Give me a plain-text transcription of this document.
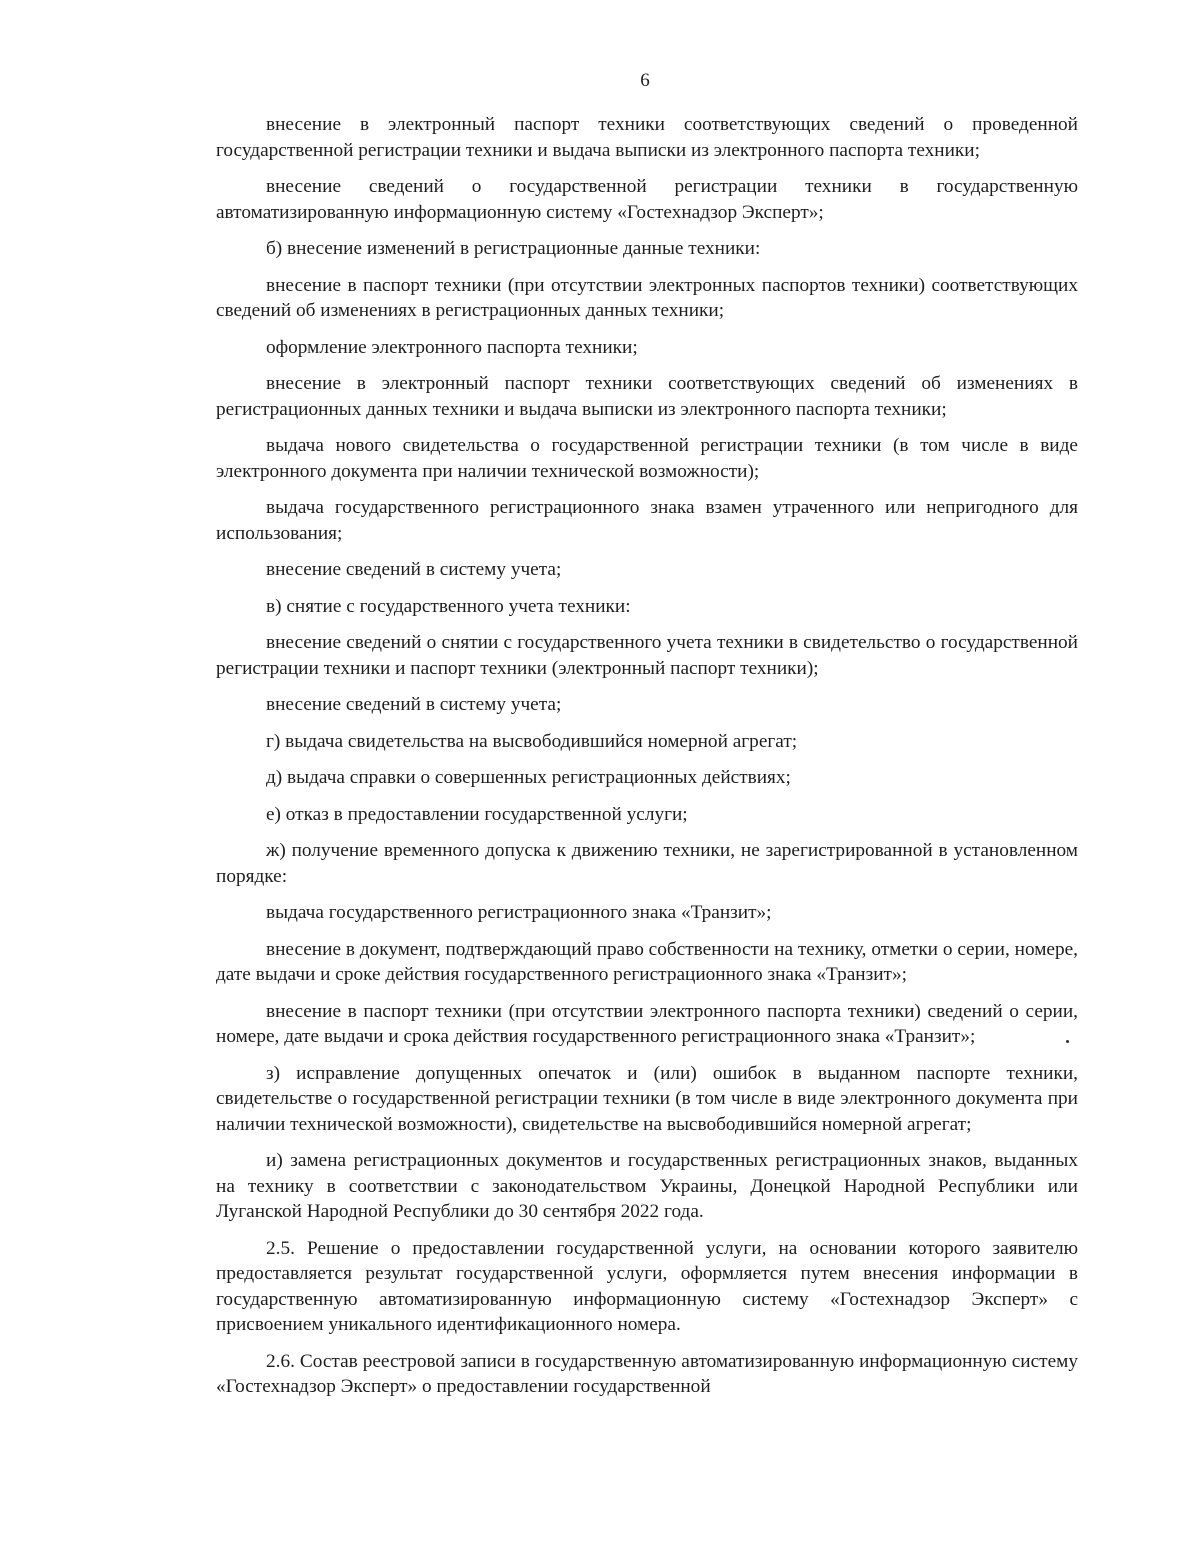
6

внесение в электронный паспорт техники соответствующих сведений о проведенной государственной регистрации техники и выдача выписки из электронного паспорта техники;

внесение сведений о государственной регистрации техники в государственную автоматизированную информационную систему «Гостехнадзор Эксперт»;

б) внесение изменений в регистрационные данные техники:

внесение в паспорт техники (при отсутствии электронных паспортов техники) соответствующих сведений об изменениях в регистрационных данных техники;

оформление электронного паспорта техники;

внесение в электронный паспорт техники соответствующих сведений об изменениях в регистрационных данных техники и выдача выписки из электронного паспорта техники;

выдача нового свидетельства о государственной регистрации техники (в том числе в виде электронного документа при наличии технической возможности);

выдача государственного регистрационного знака взамен утраченного или непригодного для использования;

внесение сведений в систему учета;

в) снятие с государственного учета техники:

внесение сведений о снятии с государственного учета техники в свидетельство о государственной регистрации техники и паспорт техники (электронный паспорт техники);

внесение сведений в систему учета;

г) выдача свидетельства на высвободившийся номерной агрегат;

д) выдача справки о совершенных регистрационных действиях;

е) отказ в предоставлении государственной услуги;

ж) получение временного допуска к движению техники, не зарегистрированной в установленном порядке:

выдача государственного регистрационного знака «Транзит»;

внесение в документ, подтверждающий право собственности на технику, отметки о серии, номере, дате выдачи и сроке действия государственного регистрационного знака «Транзит»;

внесение в паспорт техники (при отсутствии электронного паспорта техники) сведений о серии, номере, дате выдачи и срока действия государственного регистрационного знака «Транзит»;

з) исправление допущенных опечаток и (или) ошибок в выданном паспорте техники, свидетельстве о государственной регистрации техники (в том числе в виде электронного документа при наличии технической возможности), свидетельстве на высвободившийся номерной агрегат;

и) замена регистрационных документов и государственных регистрационных знаков, выданных на технику в соответствии с законодательством Украины, Донецкой Народной Республики или Луганской Народной Республики до 30 сентября 2022 года.

2.5. Решение о предоставлении государственной услуги, на основании которого заявителю предоставляется результат государственной услуги, оформляется путем внесения информации в государственную автоматизированную информационную систему «Гостехнадзор Эксперт» с присвоением уникального идентификационного номера.

2.6. Состав реестровой записи в государственную автоматизированную информационную систему «Гостехнадзор Эксперт» о предоставлении государственной
